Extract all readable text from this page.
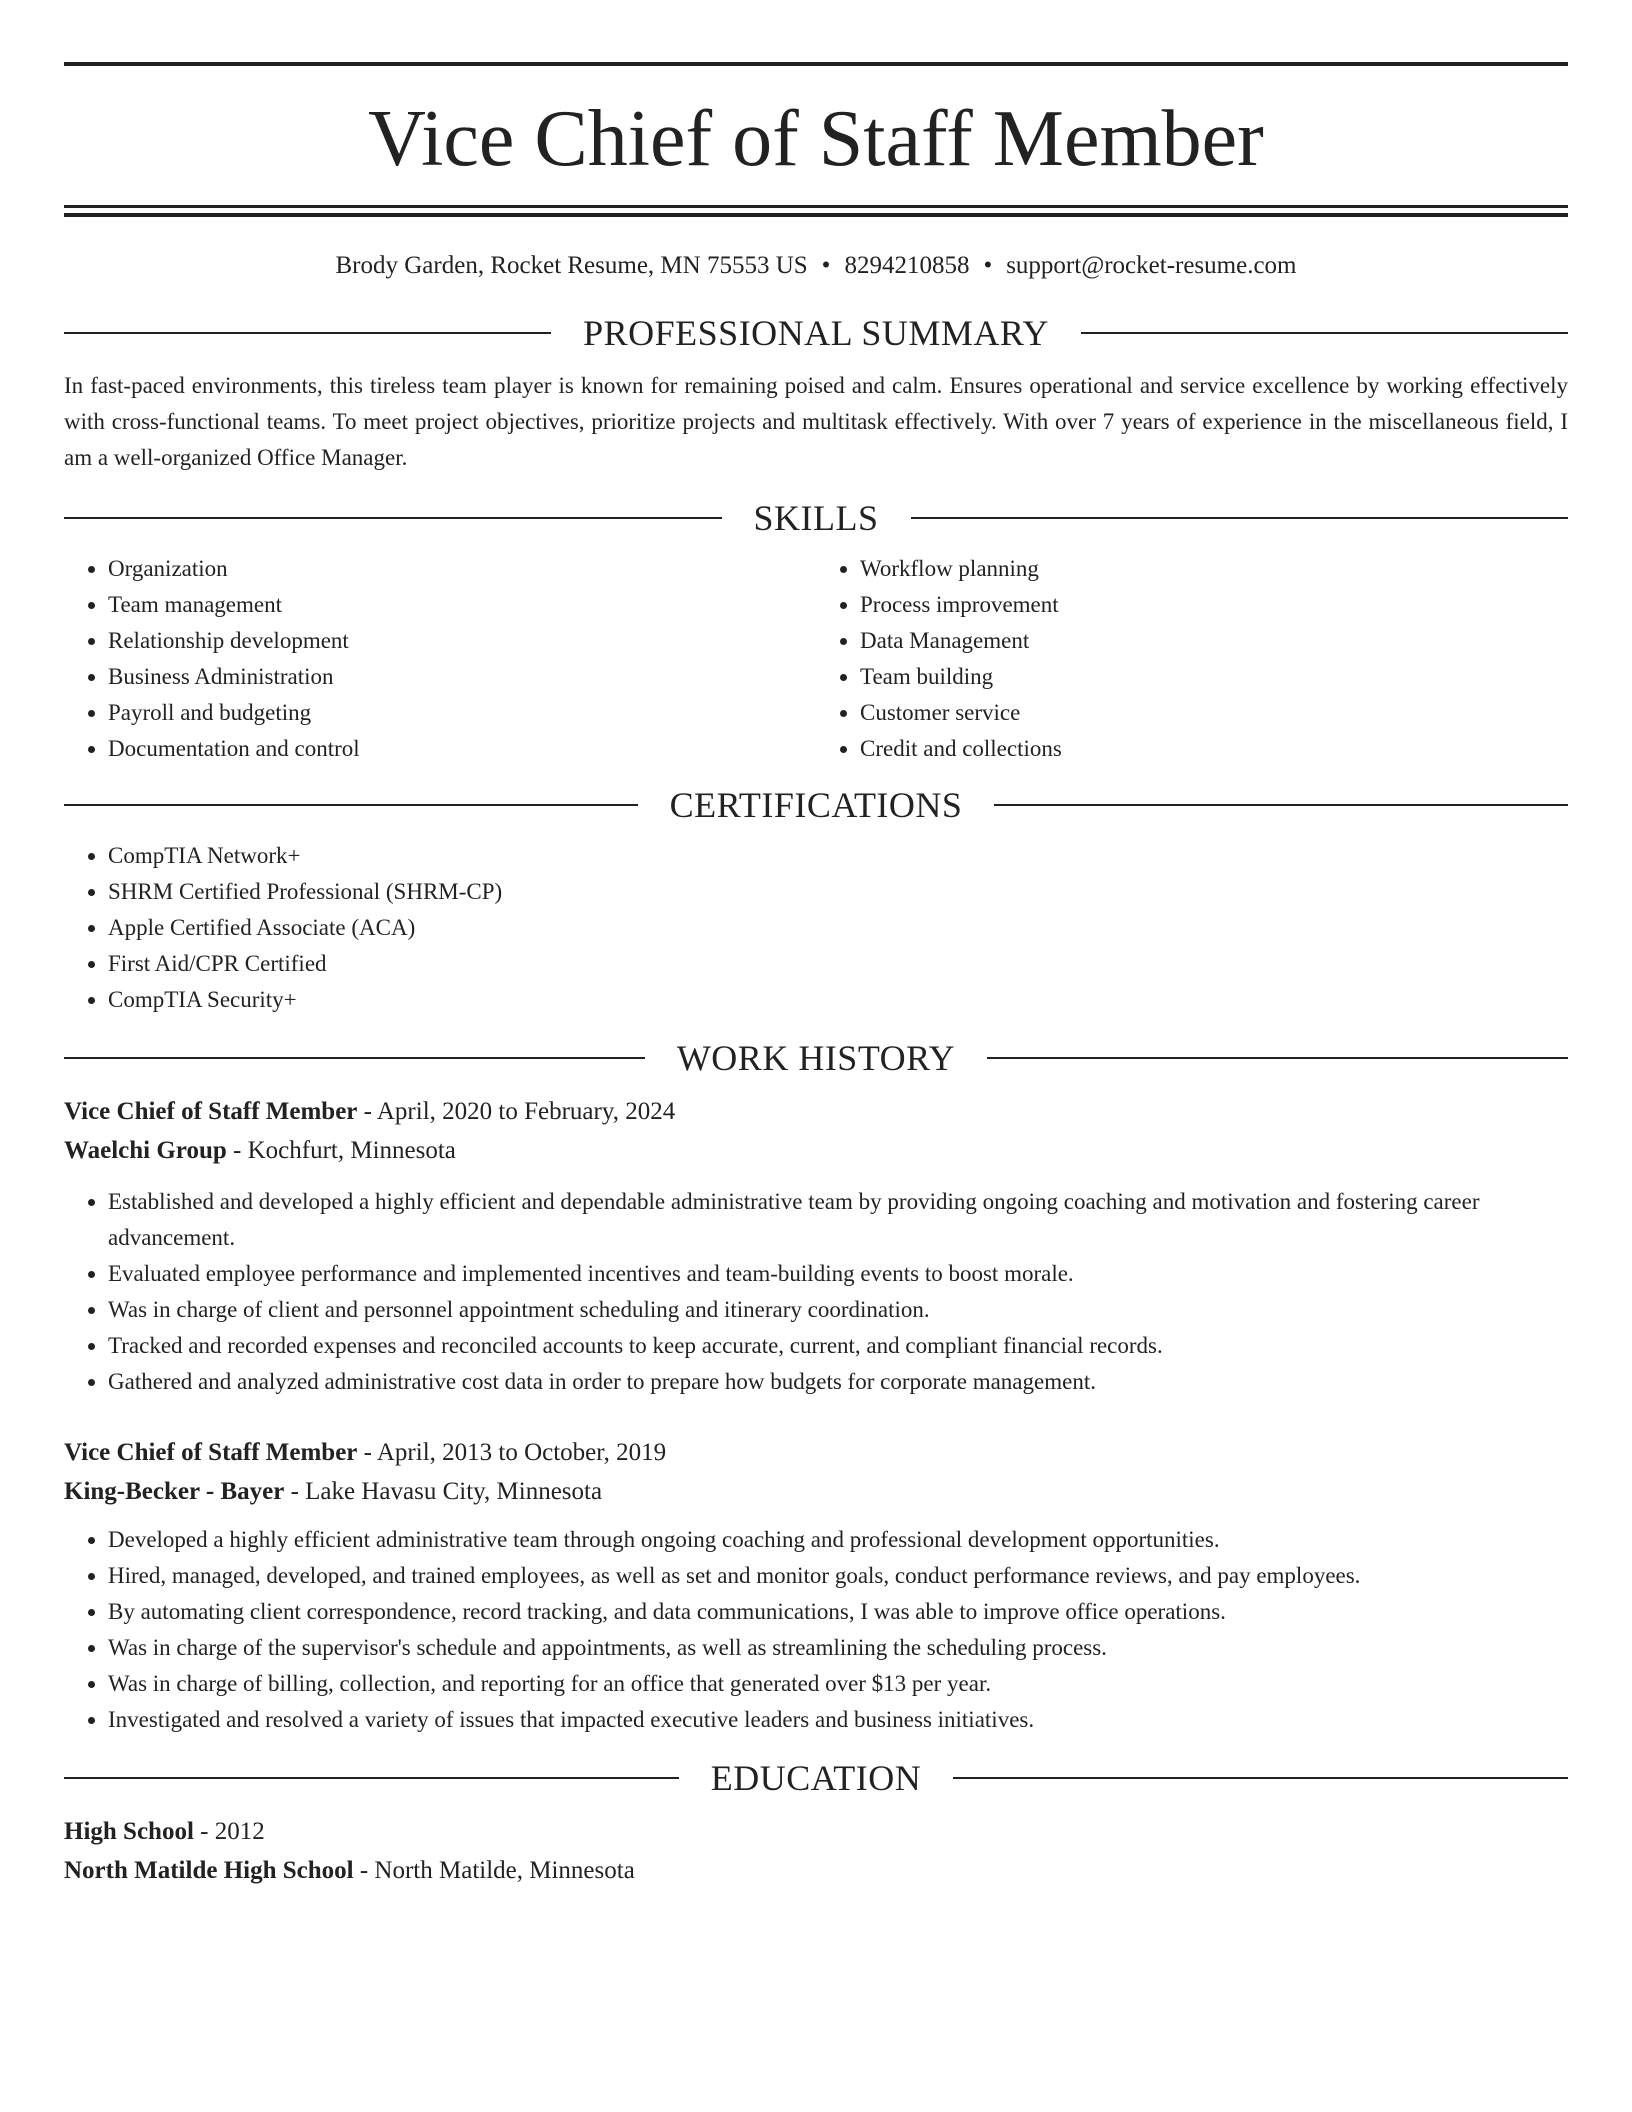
Vice Chief of Staff Member
Brody Garden, Rocket Resume, MN 75553 US • 8294210858 • support@rocket-resume.com
PROFESSIONAL SUMMARY

In fast-paced environments, this tireless team player is known for remaining poised and calm. Ensures operational and service excellence by working effectively with cross-functional teams. To meet project objectives, prioritize projects and multitask effectively. With over 7 years of experience in the miscellaneous field, I am a well-organized Office Manager.

SKILLS
• Organization
• Team management
• Relationship development
• Business Administration
• Payroll and budgeting
• Documentation and control
• Workflow planning
• Process improvement
• Data Management
• Team building
• Customer service
• Credit and collections
CERTIFICATIONS
• CompTIA Network+
• SHRM Certified Professional (SHRM-CP)
• Apple Certified Associate (ACA)
• First Aid/CPR Certified
• CompTIA Security+
WORK HISTORY
Vice Chief of Staff Member - April, 2020 to February, 2024
Waelchi Group - Kochfurt, Minnesota
• Established and developed a highly efficient and dependable administrative team by providing ongoing coaching and motivation and fostering career advancement.
• Evaluated employee performance and implemented incentives and team-building events to boost morale.
• Was in charge of client and personnel appointment scheduling and itinerary coordination.
• Tracked and recorded expenses and reconciled accounts to keep accurate, current, and compliant financial records.
• Gathered and analyzed administrative cost data in order to prepare how budgets for corporate management.
Vice Chief of Staff Member - April, 2013 to October, 2019
King-Becker - Bayer - Lake Havasu City, Minnesota
• Developed a highly efficient administrative team through ongoing coaching and professional development opportunities.
• Hired, managed, developed, and trained employees, as well as set and monitor goals, conduct performance reviews, and pay employees.
• By automating client correspondence, record tracking, and data communications, I was able to improve office operations.
• Was in charge of the supervisor's schedule and appointments, as well as streamlining the scheduling process.
• Was in charge of billing, collection, and reporting for an office that generated over $13 per year.
• Investigated and resolved a variety of issues that impacted executive leaders and business initiatives.
EDUCATION
High School - 2012
North Matilde High School - North Matilde, Minnesota
